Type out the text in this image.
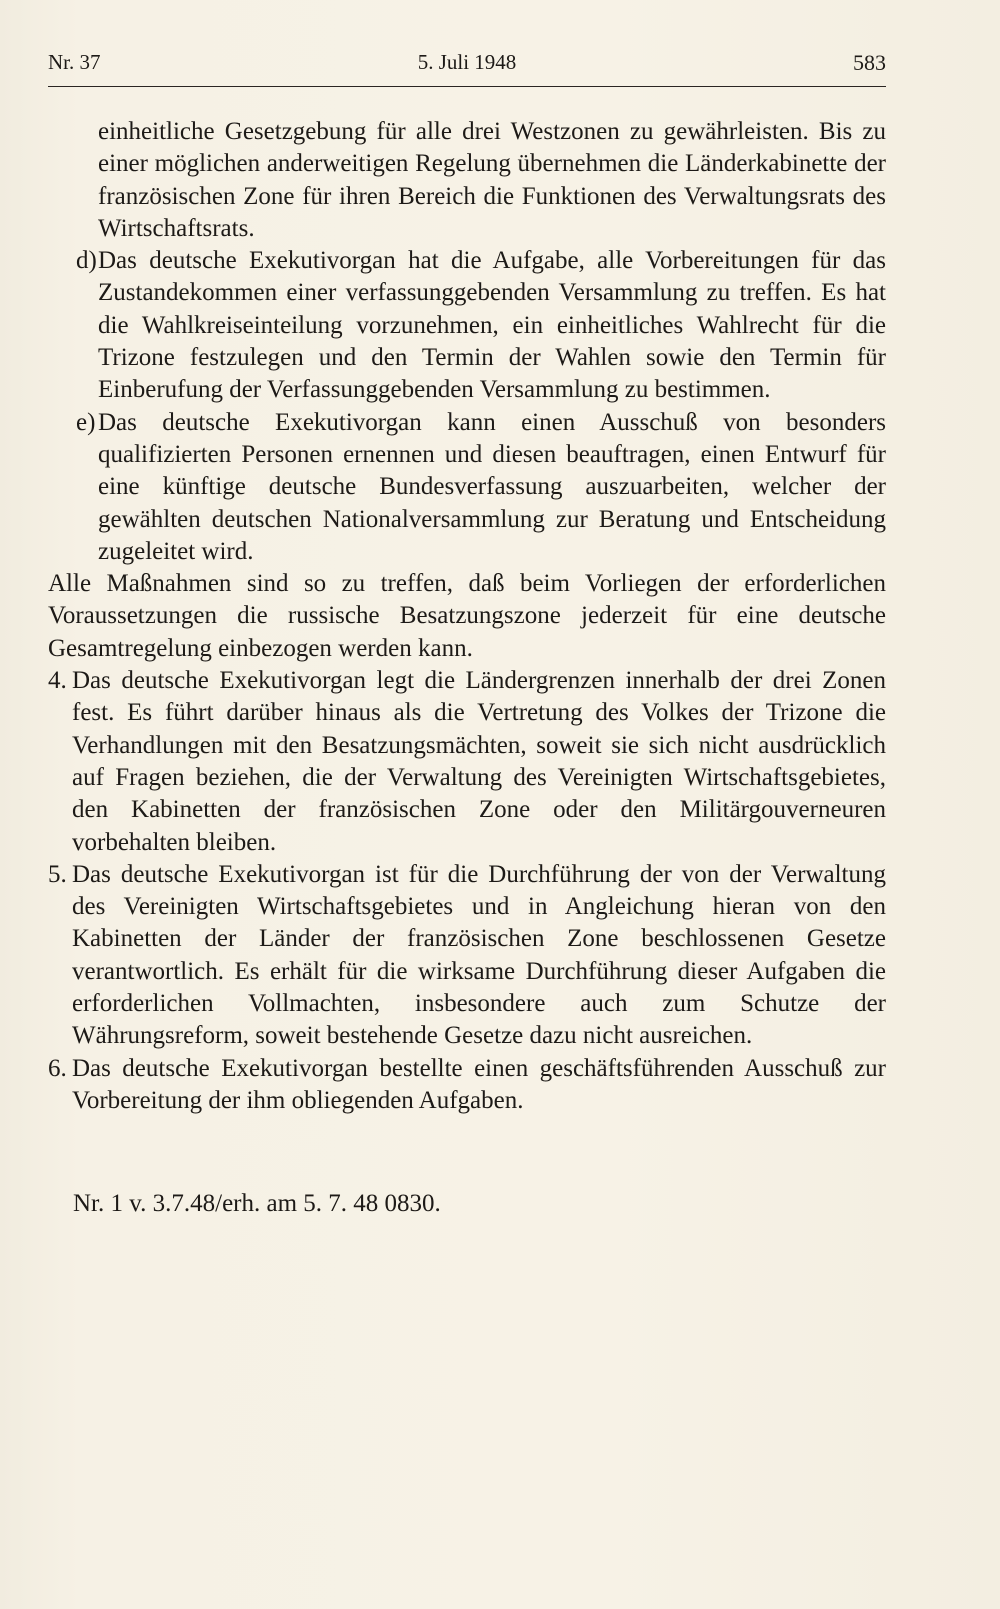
Nr. 37	5. Juli 1948	583

einheitliche Gesetzgebung für alle drei Westzonen zu gewährleisten. Bis zu einer möglichen anderweitigen Regelung übernehmen die Länderkabinette der französischen Zone für ihren Bereich die Funktionen des Verwaltungsrats des Wirtschaftsrats.

d) Das deutsche Exekutivorgan hat die Aufgabe, alle Vorbereitungen für das Zustandekommen einer verfassunggebenden Versammlung zu treffen. Es hat die Wahlkreiseinteilung vorzunehmen, ein einheitliches Wahlrecht für die Trizone festzulegen und den Termin der Wahlen sowie den Termin für Einberufung der Verfassunggebenden Versammlung zu bestimmen.

e) Das deutsche Exekutivorgan kann einen Ausschuß von besonders qualifizierten Personen ernennen und diesen beauftragen, einen Entwurf für eine künftige deutsche Bundesverfassung auszuarbeiten, welcher der gewählten deutschen Nationalversammlung zur Beratung und Entscheidung zugeleitet wird.

Alle Maßnahmen sind so zu treffen, daß beim Vorliegen der erforderlichen Voraussetzungen die russische Besatzungszone jederzeit für eine deutsche Gesamtregelung einbezogen werden kann.

4. Das deutsche Exekutivorgan legt die Ländergrenzen innerhalb der drei Zonen fest. Es führt darüber hinaus als die Vertretung des Volkes der Trizone die Verhandlungen mit den Besatzungsmächten, soweit sie sich nicht ausdrücklich auf Fragen beziehen, die der Verwaltung des Vereinigten Wirtschaftsgebietes, den Kabinetten der französischen Zone oder den Militärgouverneuren vorbehalten bleiben.

5. Das deutsche Exekutivorgan ist für die Durchführung der von der Verwaltung des Vereinigten Wirtschaftsgebietes und in Angleichung hieran von den Kabinetten der Länder der französischen Zone beschlossenen Gesetze verantwortlich. Es erhält für die wirksame Durchführung dieser Aufgaben die erforderlichen Vollmachten, insbesondere auch zum Schutze der Währungsreform, soweit bestehende Gesetze dazu nicht ausreichen.

6. Das deutsche Exekutivorgan bestellte einen geschäftsführenden Ausschuß zur Vorbereitung der ihm obliegenden Aufgaben.

Nr. 1 v. 3.7.48/erh. am 5. 7. 48 0830.
